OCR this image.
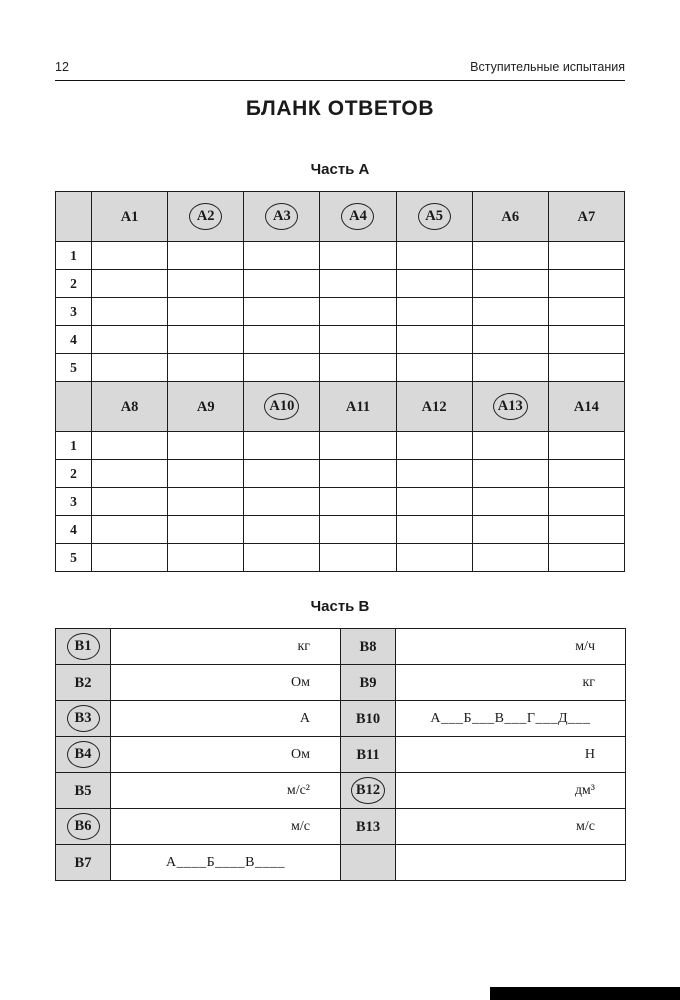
12	Вступительные испытания
БЛАНК ОТВЕТОВ
Часть А
	А1	А2	А3	А4	А5	А6	А7
1							
2							
3							
4							
5							
	А8	А9	А10	А11	А12	А13	А14
1							
2							
3							
4							
5							
Часть В
В1	кг	В8	м/ч
В2	Ом	В9	кг
В3	А	В10	А___Б___В___Г___Д___
В4	Ом	В11	Н
В5	м/с²	В12	дм³
В6	м/с	В13	м/с
В7	А____Б____В____		
